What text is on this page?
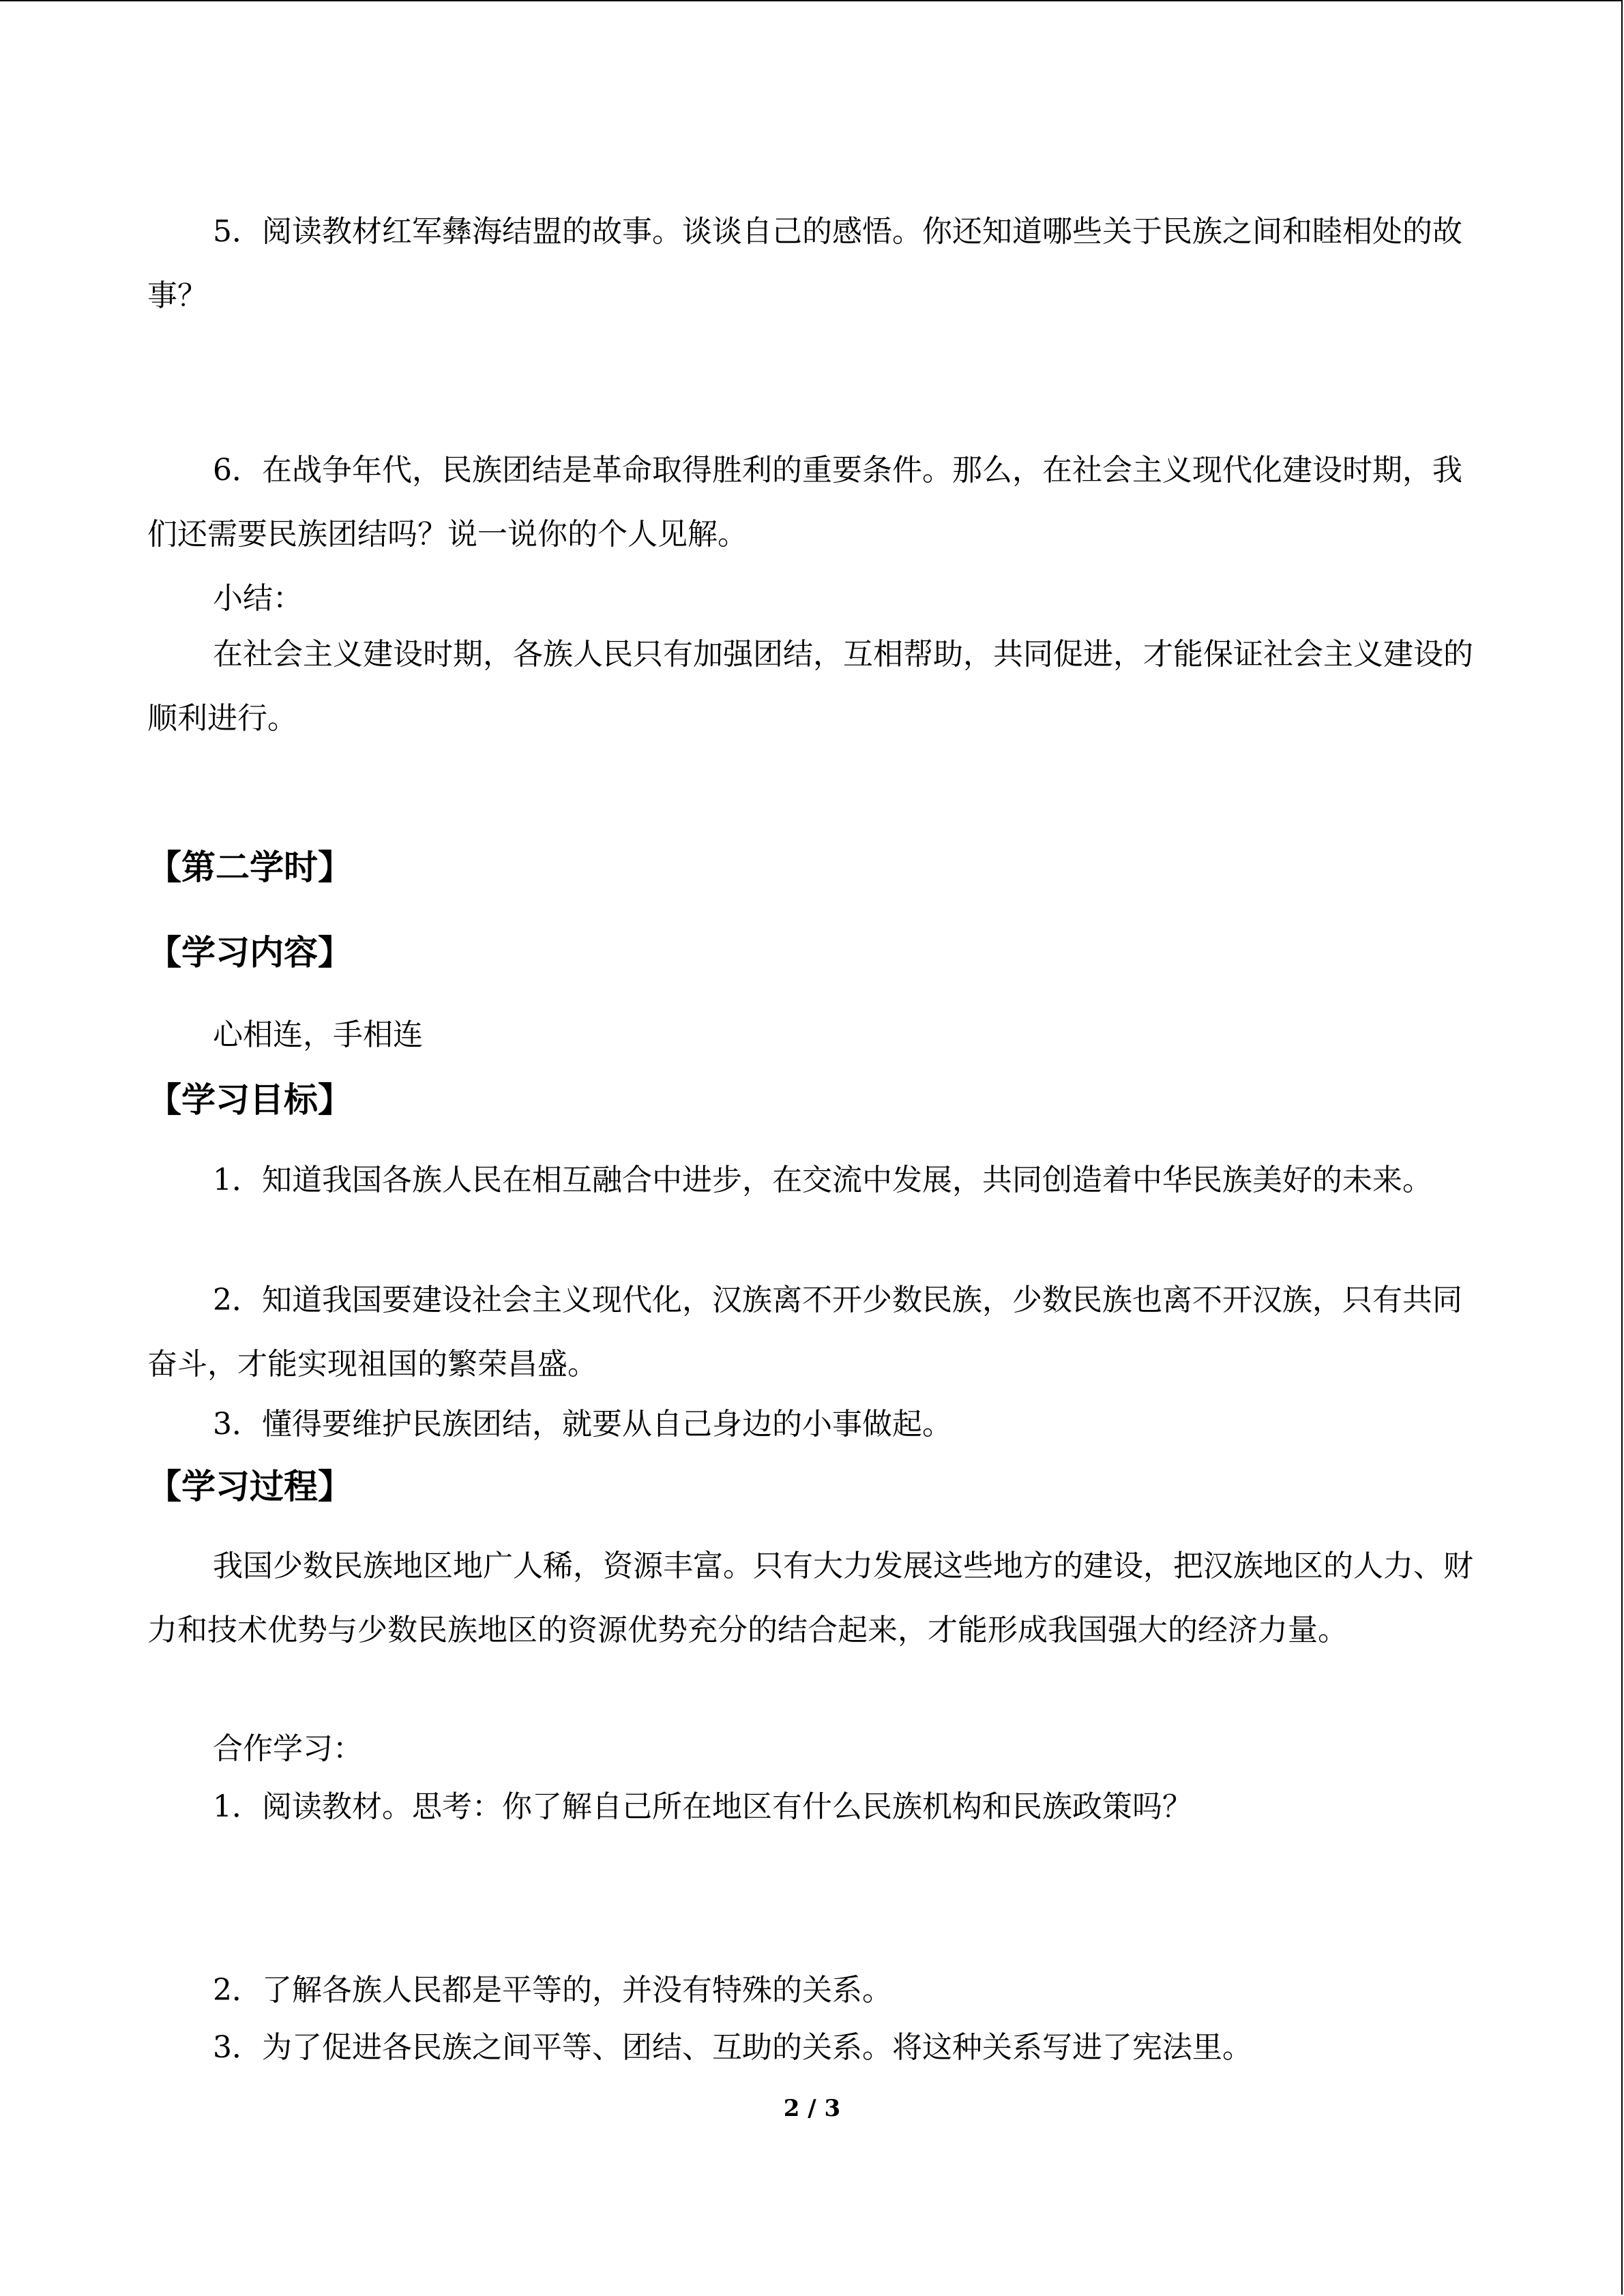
5．阅读教材红军彝海结盟的故事。谈谈自己的感悟。你还知道哪些关于民族之间和睦相处的故事？

6．在战争年代，民族团结是革命取得胜利的重要条件。那么，在社会主义现代化建设时期，我们还需要民族团结吗？说一说你的个人见解。

小结：

在社会主义建设时期，各族人民只有加强团结，互相帮助，共同促进，才能保证社会主义建设的顺利进行。

【第二学时】

【学习内容】

心相连，手相连

【学习目标】

1．知道我国各族人民在相互融合中进步，在交流中发展，共同创造着中华民族美好的未来。

2．知道我国要建设社会主义现代化，汉族离不开少数民族，少数民族也离不开汉族，只有共同奋斗，才能实现祖国的繁荣昌盛。

3．懂得要维护民族团结，就要从自己身边的小事做起。

【学习过程】

我国少数民族地区地广人稀，资源丰富。只有大力发展这些地方的建设，把汉族地区的人力、财力和技术优势与少数民族地区的资源优势充分的结合起来，才能形成我国强大的经济力量。

合作学习：

1．阅读教材。思考：你了解自己所在地区有什么民族机构和民族政策吗？

2．了解各族人民都是平等的，并没有特殊的关系。

3．为了促进各民族之间平等、团结、互助的关系。将这种关系写进了宪法里。

2 / 3
